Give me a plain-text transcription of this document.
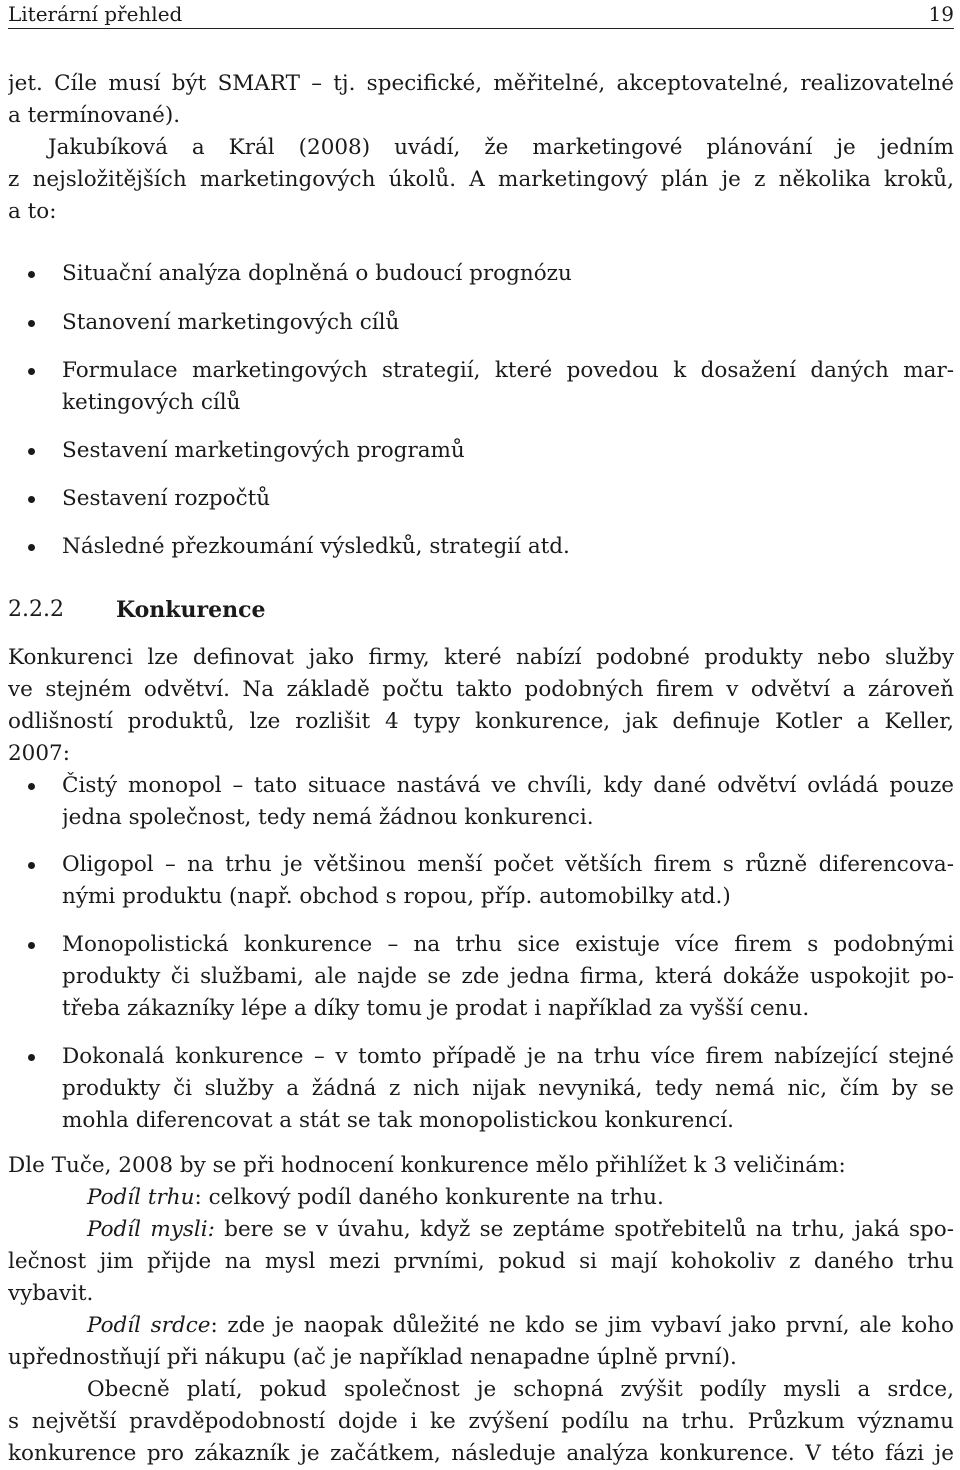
Literární přehled	19
jet. Cíle musí být SMART – tj. specifické, měřitelné, akceptovatelné, realizovatelné
a termínované).
Jakubíková a Král (2008) uvádí, že marketingové plánování je jedním
z nejsložitějších marketingových úkolů. A marketingový plán je z několika kroků,
a to:
Situační analýza doplněná o budoucí prognózu
Stanovení marketingových cílů
Formulace marketingových strategií, které povedou k dosažení daných mar-
ketingových cílů
Sestavení marketingových programů
Sestavení rozpočtů
Následné přezkoumání výsledků, strategií atd.
2.2.2 Konkurence
Konkurenci lze definovat jako firmy, které nabízí podobné produkty nebo služby
ve stejném odvětví. Na základě počtu takto podobných firem v odvětví a zároveň
odlišností produktů, lze rozlišit 4 typy konkurence, jak definuje Kotler a Keller,
2007:
Čistý monopol – tato situace nastává ve chvíli, kdy dané odvětví ovládá pouze
jedna společnost, tedy nemá žádnou konkurenci.
Oligopol – na trhu je většinou menší počet větších firem s různě diferencova-
nými produktu (např. obchod s ropou, příp. automobilky atd.)
Monopolistická konkurence – na trhu sice existuje více firem s podobnými
produkty či službami, ale najde se zde jedna firma, která dokáže uspokojit po-
třeba zákazníky lépe a díky tomu je prodat i například za vyšší cenu.
Dokonalá konkurence – v tomto případě je na trhu více firem nabízející stejné
produkty či služby a žádná z nich nijak nevyniká, tedy nemá nic, čím by se
mohla diferencovat a stát se tak monopolistickou konkurencí.
Dle Tuče, 2008 by se při hodnocení konkurence mělo přihlížet k 3 veličinám:
Podíl trhu: celkový podíl daného konkurente na trhu.
Podíl mysli: bere se v úvahu, když se zeptáme spotřebitelů na trhu, jaká spo-
lečnost jim přijde na mysl mezi prvními, pokud si mají kohokoliv z daného trhu
vybavit.
Podíl srdce: zde je naopak důležité ne kdo se jim vybaví jako první, ale koho
upřednostňují při nákupu (ač je například nenapadne úplně první).
Obecně platí, pokud společnost je schopná zvýšit podíly mysli a srdce,
s největší pravděpodobností dojde i ke zvýšení podílu na trhu. Průzkum významu
konkurence pro zákazník je začátkem, následuje analýza konkurence. V této fázi je
